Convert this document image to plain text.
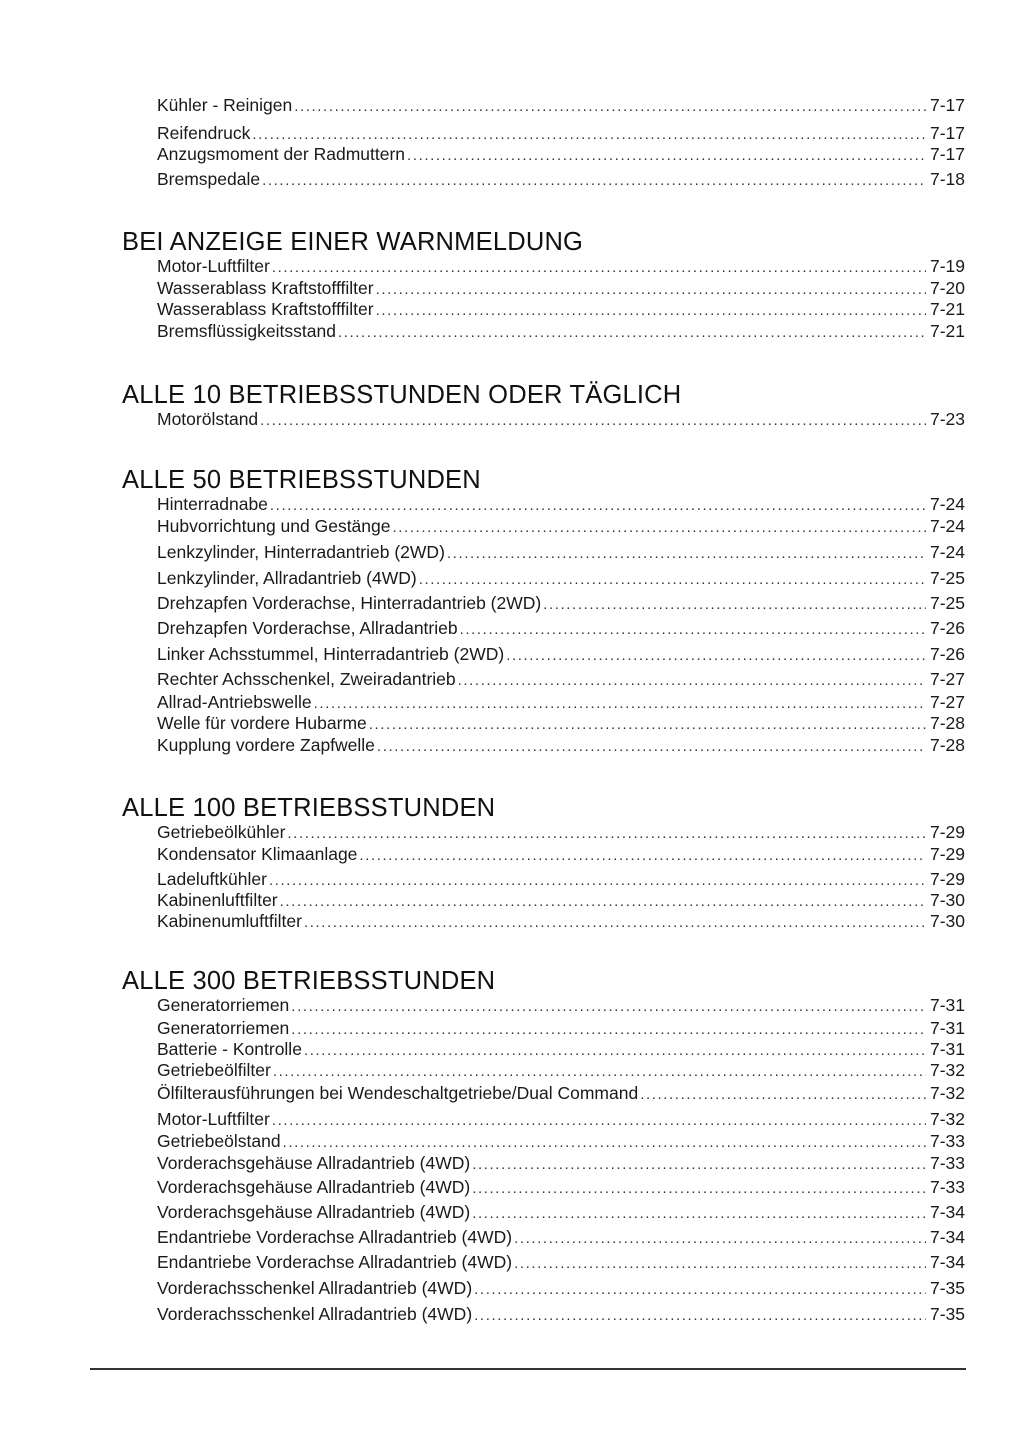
Kühler - Reinigen .....	7-17
Reifendruck .....	7-17
Anzugsmoment der Radmuttern .....	7-17
Bremspedale .....	7-18
BEI ANZEIGE EINER WARNMELDUNG
Motor-Luftfilter .....	7-19
Wasserablass Kraftstofffilter .....	7-20
Wasserablass Kraftstofffilter .....	7-21
Bremsflüssigkeitsstand .....	7-21
ALLE 10 BETRIEBSSTUNDEN ODER TÄGLICH
Motorölstand .....	7-23
ALLE 50 BETRIEBSSTUNDEN
Hinterradnabe .....	7-24
Hubvorrichtung und Gestänge .....	7-24
Lenkzylinder, Hinterradantrieb (2WD) .....	7-24
Lenkzylinder, Allradantrieb (4WD) .....	7-25
Drehzapfen Vorderachse, Hinterradantrieb (2WD) .....	7-25
Drehzapfen Vorderachse, Allradantrieb .....	7-26
Linker Achsstummel, Hinterradantrieb (2WD) .....	7-26
Rechter Achsschenkel, Zweiradantrieb .....	7-27
Allrad-Antriebswelle .....	7-27
Welle für vordere Hubarme .....	7-28
Kupplung vordere Zapfwelle .....	7-28
ALLE 100 BETRIEBSSTUNDEN
Getriebeölkühler .....	7-29
Kondensator Klimaanlage .....	7-29
Ladeluftkühler .....	7-29
Kabinenluftfilter .....	7-30
Kabinenumluftfilter .....	7-30
ALLE 300 BETRIEBSSTUNDEN
Generatorriemen .....	7-31
Generatorriemen .....	7-31
Batterie - Kontrolle .....	7-31
Getriebeölfilter .....	7-32
Ölfilterausführungen bei Wendeschaltgetriebe/Dual Command .....	7-32
Motor-Luftfilter .....	7-32
Getriebeölstand .....	7-33
Vorderachsgehäuse Allradantrieb (4WD) .....	7-33
Vorderachsgehäuse Allradantrieb (4WD) .....	7-33
Vorderachsgehäuse Allradantrieb (4WD) .....	7-34
Endantriebe Vorderachse Allradantrieb (4WD) .....	7-34
Endantriebe Vorderachse Allradantrieb (4WD) .....	7-34
Vorderachsschenkel Allradantrieb (4WD) .....	7-35
Vorderachsschenkel Allradantrieb (4WD) .....	7-35
